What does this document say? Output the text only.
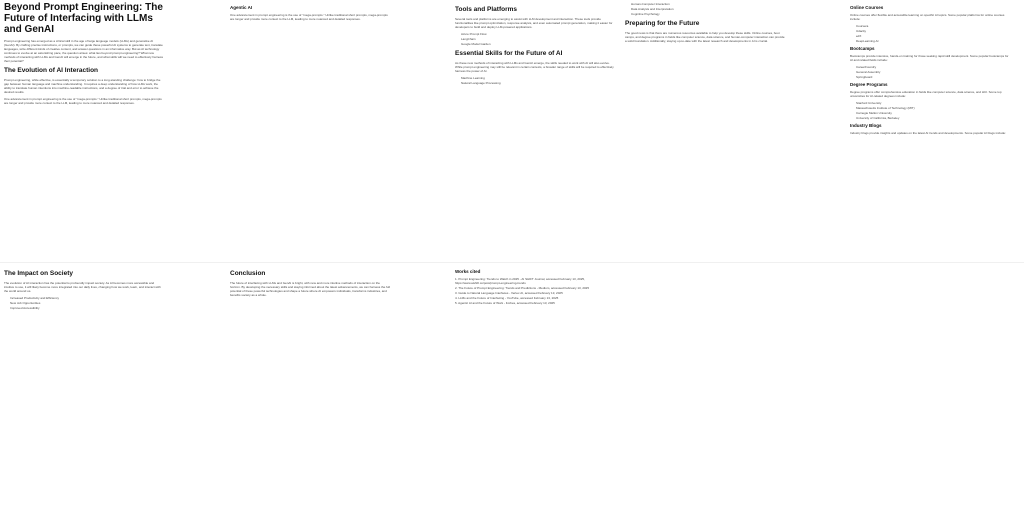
Beyond Prompt Engineering: The Future of Interfacing with LLMs and GenAI

Prompt engineering has emerged as a critical skill in the age of large language models (LLMs) and generative AI (GenAI). By crafting precise instructions, or prompts, we can guide these powerful AI systems to generate text, translate languages, write different kinds of creative content, and answer questions in an informative way. But as AI technology continues to evolve at an astonishing pace, the question arises: what lies beyond prompt engineering? What new methods of interacting with LLMs and GenAI will emerge in the future, and what skills will we need to effectively harness their potential?

The Evolution of AI Interaction

Prompt engineering, while effective, is essentially a temporary solution to a long-standing challenge: how to bridge the gap between human language and machine understanding. It requires a deep understanding of how LLMs work, the ability to translate human intentions into machine-readable instructions, and a degree of trial and error to achieve the desired results.

One advancement in prompt engineering is the use of "mega-prompts." Unlike traditional short prompts, mega-prompts are longer and provide more context to the LLM, leading to more nuanced and detailed responses.

Agentic AI

One advancement in prompt engineering is the use of "mega-prompts." Unlike traditional short prompts, mega-prompts are longer and provide more context to the LLM, leading to more nuanced and detailed responses.

Tools and Platforms

Several tools and platforms are emerging to assist with LLM development and interaction. These tools provide functionalities like prompt optimization, response analysis, and even automated prompt generation, making it easier for developers to build and deploy LLM-powered applications.

• Azure Prompt Flow
• LangChain
• Google Model Garden
Essential Skills for the Future of AI

As these new methods of interacting with LLMs and GenAI emerge, the skills needed to work with AI will also evolve. While prompt engineering may still be relevant in certain contexts, a broader range of skills will be required to effectively harness the power of AI.

• Machine Learning
• Natural Language Processing
• Human-Computer Interaction
• Data Analysis and Interpretation
• Cognitive Psychology
Preparing for the Future

The good news is that there are numerous resources available to help you develop these skills. Online courses, boot camps, and degree programs in fields like computer science, data science, and human-computer interaction can provide a solid foundation. Additionally, staying up-to-date with the latest research and developments in AI is crucial.

Online Courses

Online courses offer flexible and accessible learning on specific AI topics. Some popular platforms for online courses include:

• Coursera
• Udacity
• edX
• DeepLearning.AI
Bootcamps

Bootcamps provide intensive, hands-on training for those seeking rapid skill development. Some popular bootcamps for AI and related fields include:

• CareerFoundry
• General Assembly
• Springboard
Degree Programs

Degree programs offer comprehensive education in fields like computer science, data science, and HCI. Some top universities for AI-related degrees include:

• Stanford University
• Massachusetts Institute of Technology (MIT)
• Carnegie Mellon University
• University of California, Berkeley
Industry Blogs

Industry blogs provide insights and updates on the latest AI trends and developments. Some popular AI blogs include:

The Impact on Society

The evolution of AI interaction has the potential to profoundly impact society. As AI becomes more accessible and intuitive to use, it will likely become more integrated into our daily lives, changing how we work, learn, and interact with the world around us.

• Increased Productivity and Efficiency
• New Job Opportunities
• Improved Accessibility
Conclusion

The future of interfacing with LLMs and GenAI is bright, with new and more intuitive methods of interaction on the horizon. By developing the necessary skills and staying informed about the latest advancements, we can harness the full potential of these powerful technologies and shape a future where AI empowers individuals, transforms industries, and benefits society as a whole.

Works cited
1. Prompt Engineering: Trends to Watch in 2025 - AI SHIFT Journal, accessed February 13, 2025, https://www.aishift.co/post/prompt-engineering-trends
2. The Future of Prompt Engineering: Trends and Predictions - Medium, accessed February 13, 2025
3. Guide to Natural Language Interfaces - Vertex AI, accessed February 13, 2025
4. LLMs and the Future of Interfacing - YouTube, accessed February 13, 2025
5. Agentic AI and the Future of Work - Forbes, accessed February 13, 2025
